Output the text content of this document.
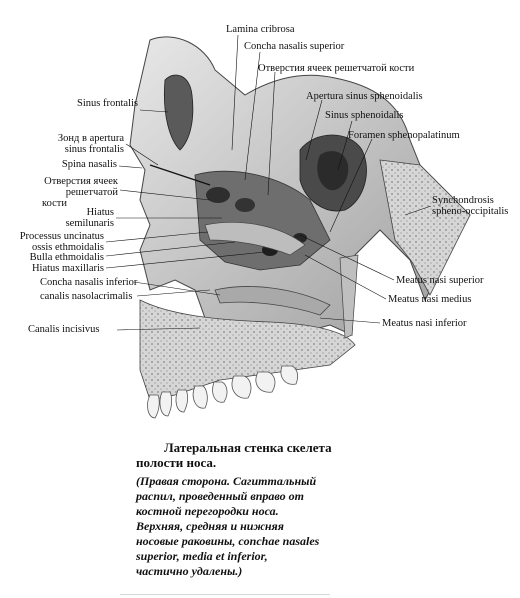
Lamina cribrosa
Concha nasalis superior
Отверстия ячеек решетчатой кости
Apertura sinus sphenoidalis
Sinus sphenoidalis
Foramen sphenopalatinum
Synchondrosis
spheno-occipitalis
Sinus frontalis
Зонд в apertura
sinus frontalis
Spina nasalis
Отверстия ячеек
решетчатой
кости
Hiatus
semilunaris
Processus uncinatus
ossis ethmoidalis
Bulla ethmoidalis
Hiatus maxillaris
Concha nasalis inferior
canalis nasolacrimalis
Canalis incisivus
Meatus nasi superior
Meatus nasi medius
Meatus nasi inferior
Латеральная стенка скелета
полости носа.
(Правая сторона. Сагиттальный
распил, проведенный вправо от
костной перегородки носа.
Верхняя, средняя и нижняя
носовые раковины, conchae nasales
superior, media et inferior,
частично удалены.)
